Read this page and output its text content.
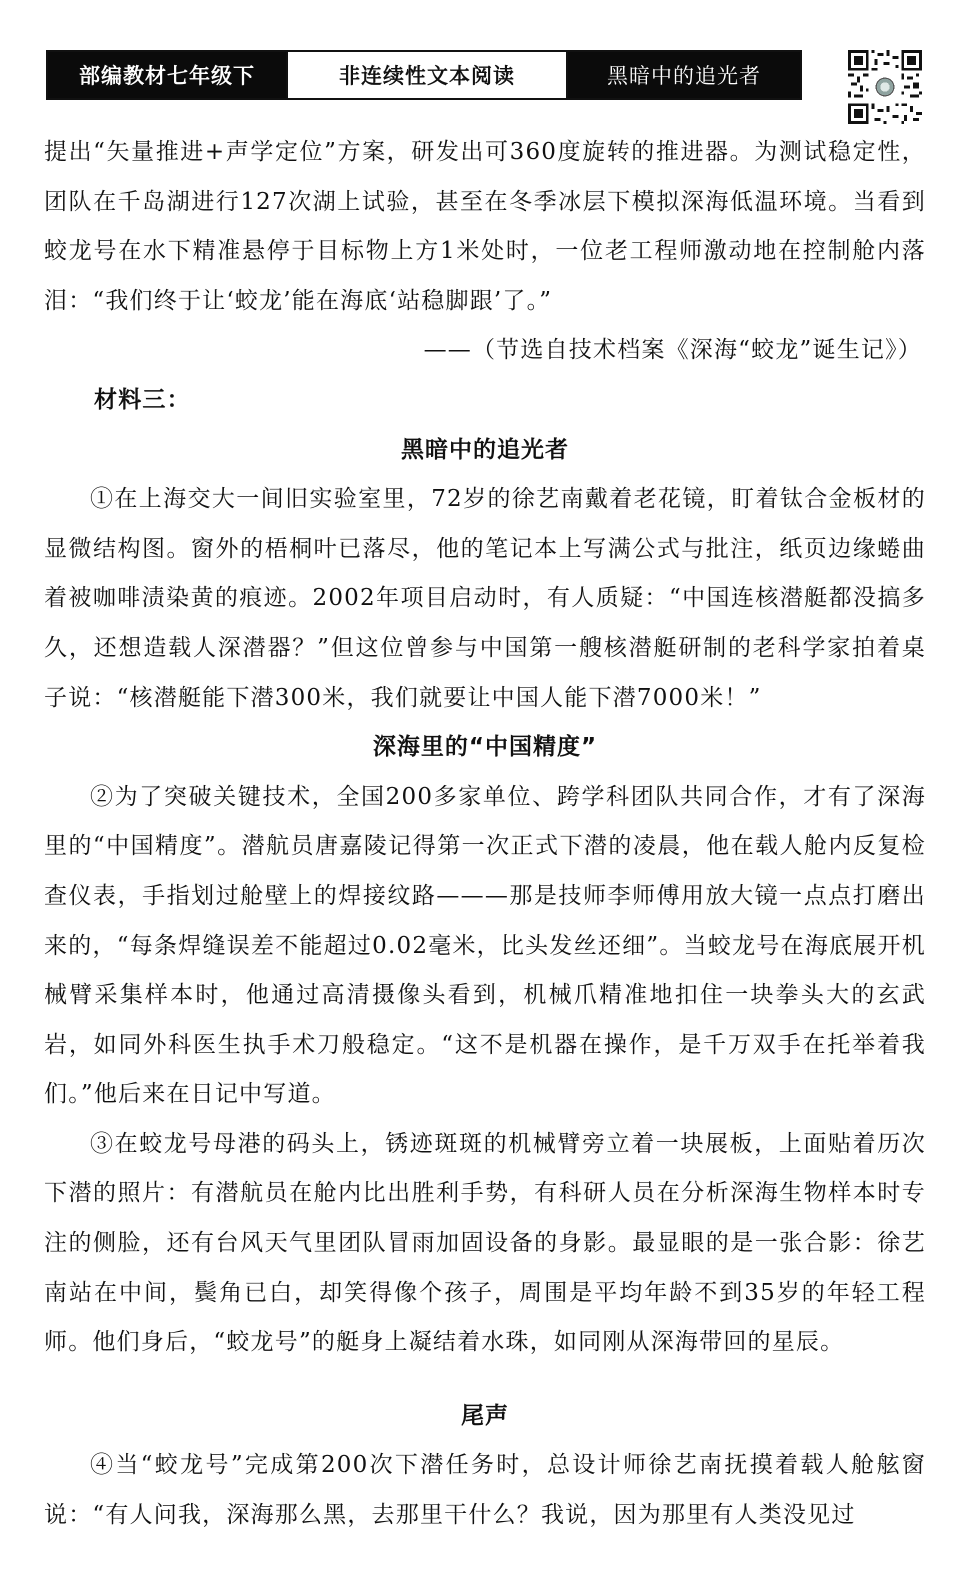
部编教材七年级下	非连续性文本阅读	黑暗中的追光者

提出“矢量推进+声学定位”方案，研发出可360度旋转的推进器。为测试稳定性，团队在千岛湖进行127次湖上试验，甚至在冬季冰层下模拟深海低温环境。当看到蛟龙号在水下精准悬停于目标物上方1米处时，一位老工程师激动地在控制舱内落泪：“我们终于让‘蛟龙’能在海底‘站稳脚跟’了。”

——（节选自技术档案《深海“蛟龙”诞生记》）

材料三：

黑暗中的追光者

①在上海交大一间旧实验室里，72岁的徐艺南戴着老花镜，盯着钛合金板材的显微结构图。窗外的梧桐叶已落尽，他的笔记本上写满公式与批注，纸页边缘蜷曲着被咖啡渍染黄的痕迹。2002年项目启动时，有人质疑：“中国连核潜艇都没搞多久，还想造载人深潜器？”但这位曾参与中国第一艘核潜艇研制的老科学家拍着桌子说：“核潜艇能下潜300米，我们就要让中国人能下潜7000米！”

深海里的“中国精度”

②为了突破关键技术，全国200多家单位、跨学科团队共同合作，才有了深海里的“中国精度”。潜航员唐嘉陵记得第一次正式下潜的凌晨，他在载人舱内反复检查仪表，手指划过舱壁上的焊接纹路———那是技师李师傅用放大镜一点点打磨出来的，“每条焊缝误差不能超过0.02毫米，比头发丝还细”。当蛟龙号在海底展开机械臂采集样本时，他通过高清摄像头看到，机械爪精准地扣住一块拳头大的玄武岩，如同外科医生执手术刀般稳定。“这不是机器在操作，是千万双手在托举着我们。”他后来在日记中写道。

③在蛟龙号母港的码头上，锈迹斑斑的机械臂旁立着一块展板，上面贴着历次下潜的照片：有潜航员在舱内比出胜利手势，有科研人员在分析深海生物样本时专注的侧脸，还有台风天气里团队冒雨加固设备的身影。最显眼的是一张合影：徐艺南站在中间，鬓角已白，却笑得像个孩子，周围是平均年龄不到35岁的年轻工程师。他们身后，“蛟龙号”的艇身上凝结着水珠，如同刚从深海带回的星辰。

尾声

④当“蛟龙号”完成第200次下潜任务时，总设计师徐艺南抚摸着载人舱舷窗说：“有人问我，深海那么黑，去那里干什么？我说，因为那里有人类没见过
